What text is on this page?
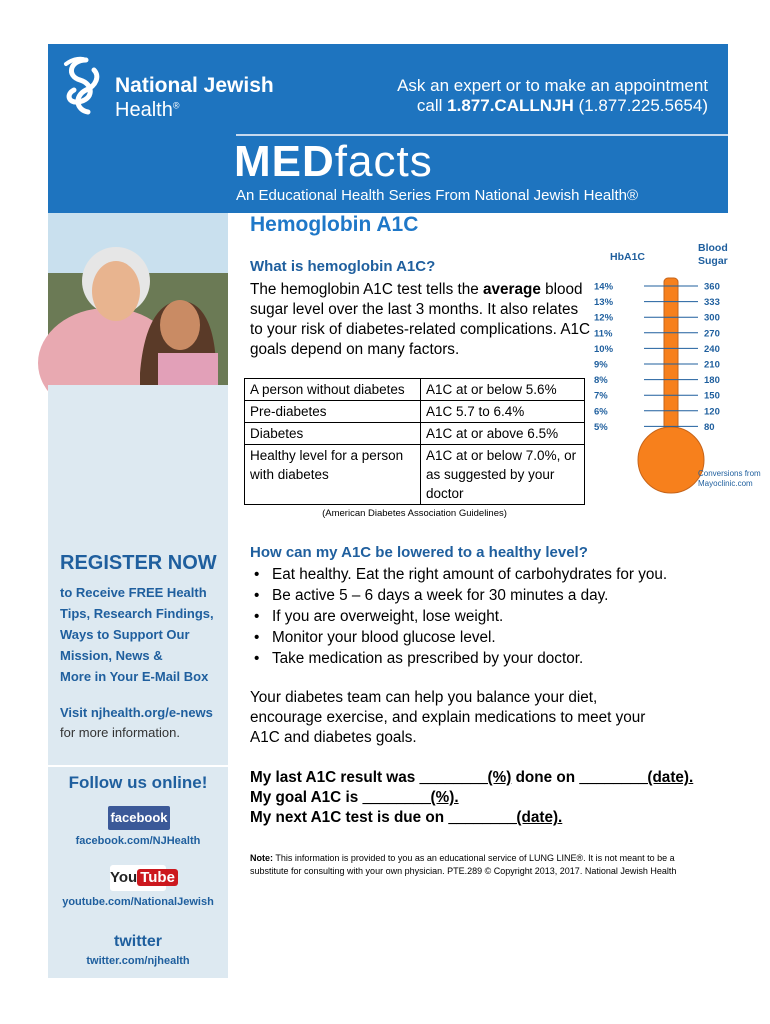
National Jewish
Health®
Ask an expert or to make an appointment
call 1.877.CALLNJH (1.877.225.5654)
MEDfacts
An Educational Health Series From National Jewish Health®
REGISTER NOW
to Receive FREE Health
Tips, Research Findings,
Ways to Support Our
Mission, News &
More in Your E-Mail Box
Visit njhealth.org/e-news
for more information.
Follow us online!
facebook
facebook.com/NJHealth
You Tube
youtube.com/NationalJewish
twitter
twitter.com/njhealth
Hemoglobin A1C
What is hemoglobin A1C?
The hemoglobin A1C test tells the average blood sugar level over the last 3 months. It also relates to your risk of diabetes-related complications. A1C goals depend on many factors.
A person without diabetes	A1C at or below 5.6%
Pre-diabetes	A1C 5.7 to 6.4%
Diabetes	A1C at or above 6.5%
Healthy level for a person with diabetes	A1C at or below 7.0%, or as suggested by your doctor
(American Diabetes Association Guidelines)
HbA1C
Blood
Sugar
14%	360
13%	333
12%	300
11%	270
10%	240
9%	210
8%	180
7%	150
6%	120
5%	80
Conversions from
Mayoclinic.com
How can my A1C be lowered to a healthy level?
• Eat healthy. Eat the right amount of carbohydrates for you.
• Be active 5 – 6 days a week for 30 minutes a day.
• If you are overweight, lose weight.
• Monitor your blood glucose level.
• Take medication as prescribed by your doctor.
Your diabetes team can help you balance your diet, encourage exercise, and explain medications to meet your A1C and diabetes goals.
My last A1C result was ________(%) done on ________(date).
My goal A1C is ________(%).
My next A1C test is due on ________(date).
Note: This information is provided to you as an educational service of LUNG LINE®. It is not meant to be a substitute for consulting with your own physician. PTE.289 © Copyright 2013, 2017. National Jewish Health
